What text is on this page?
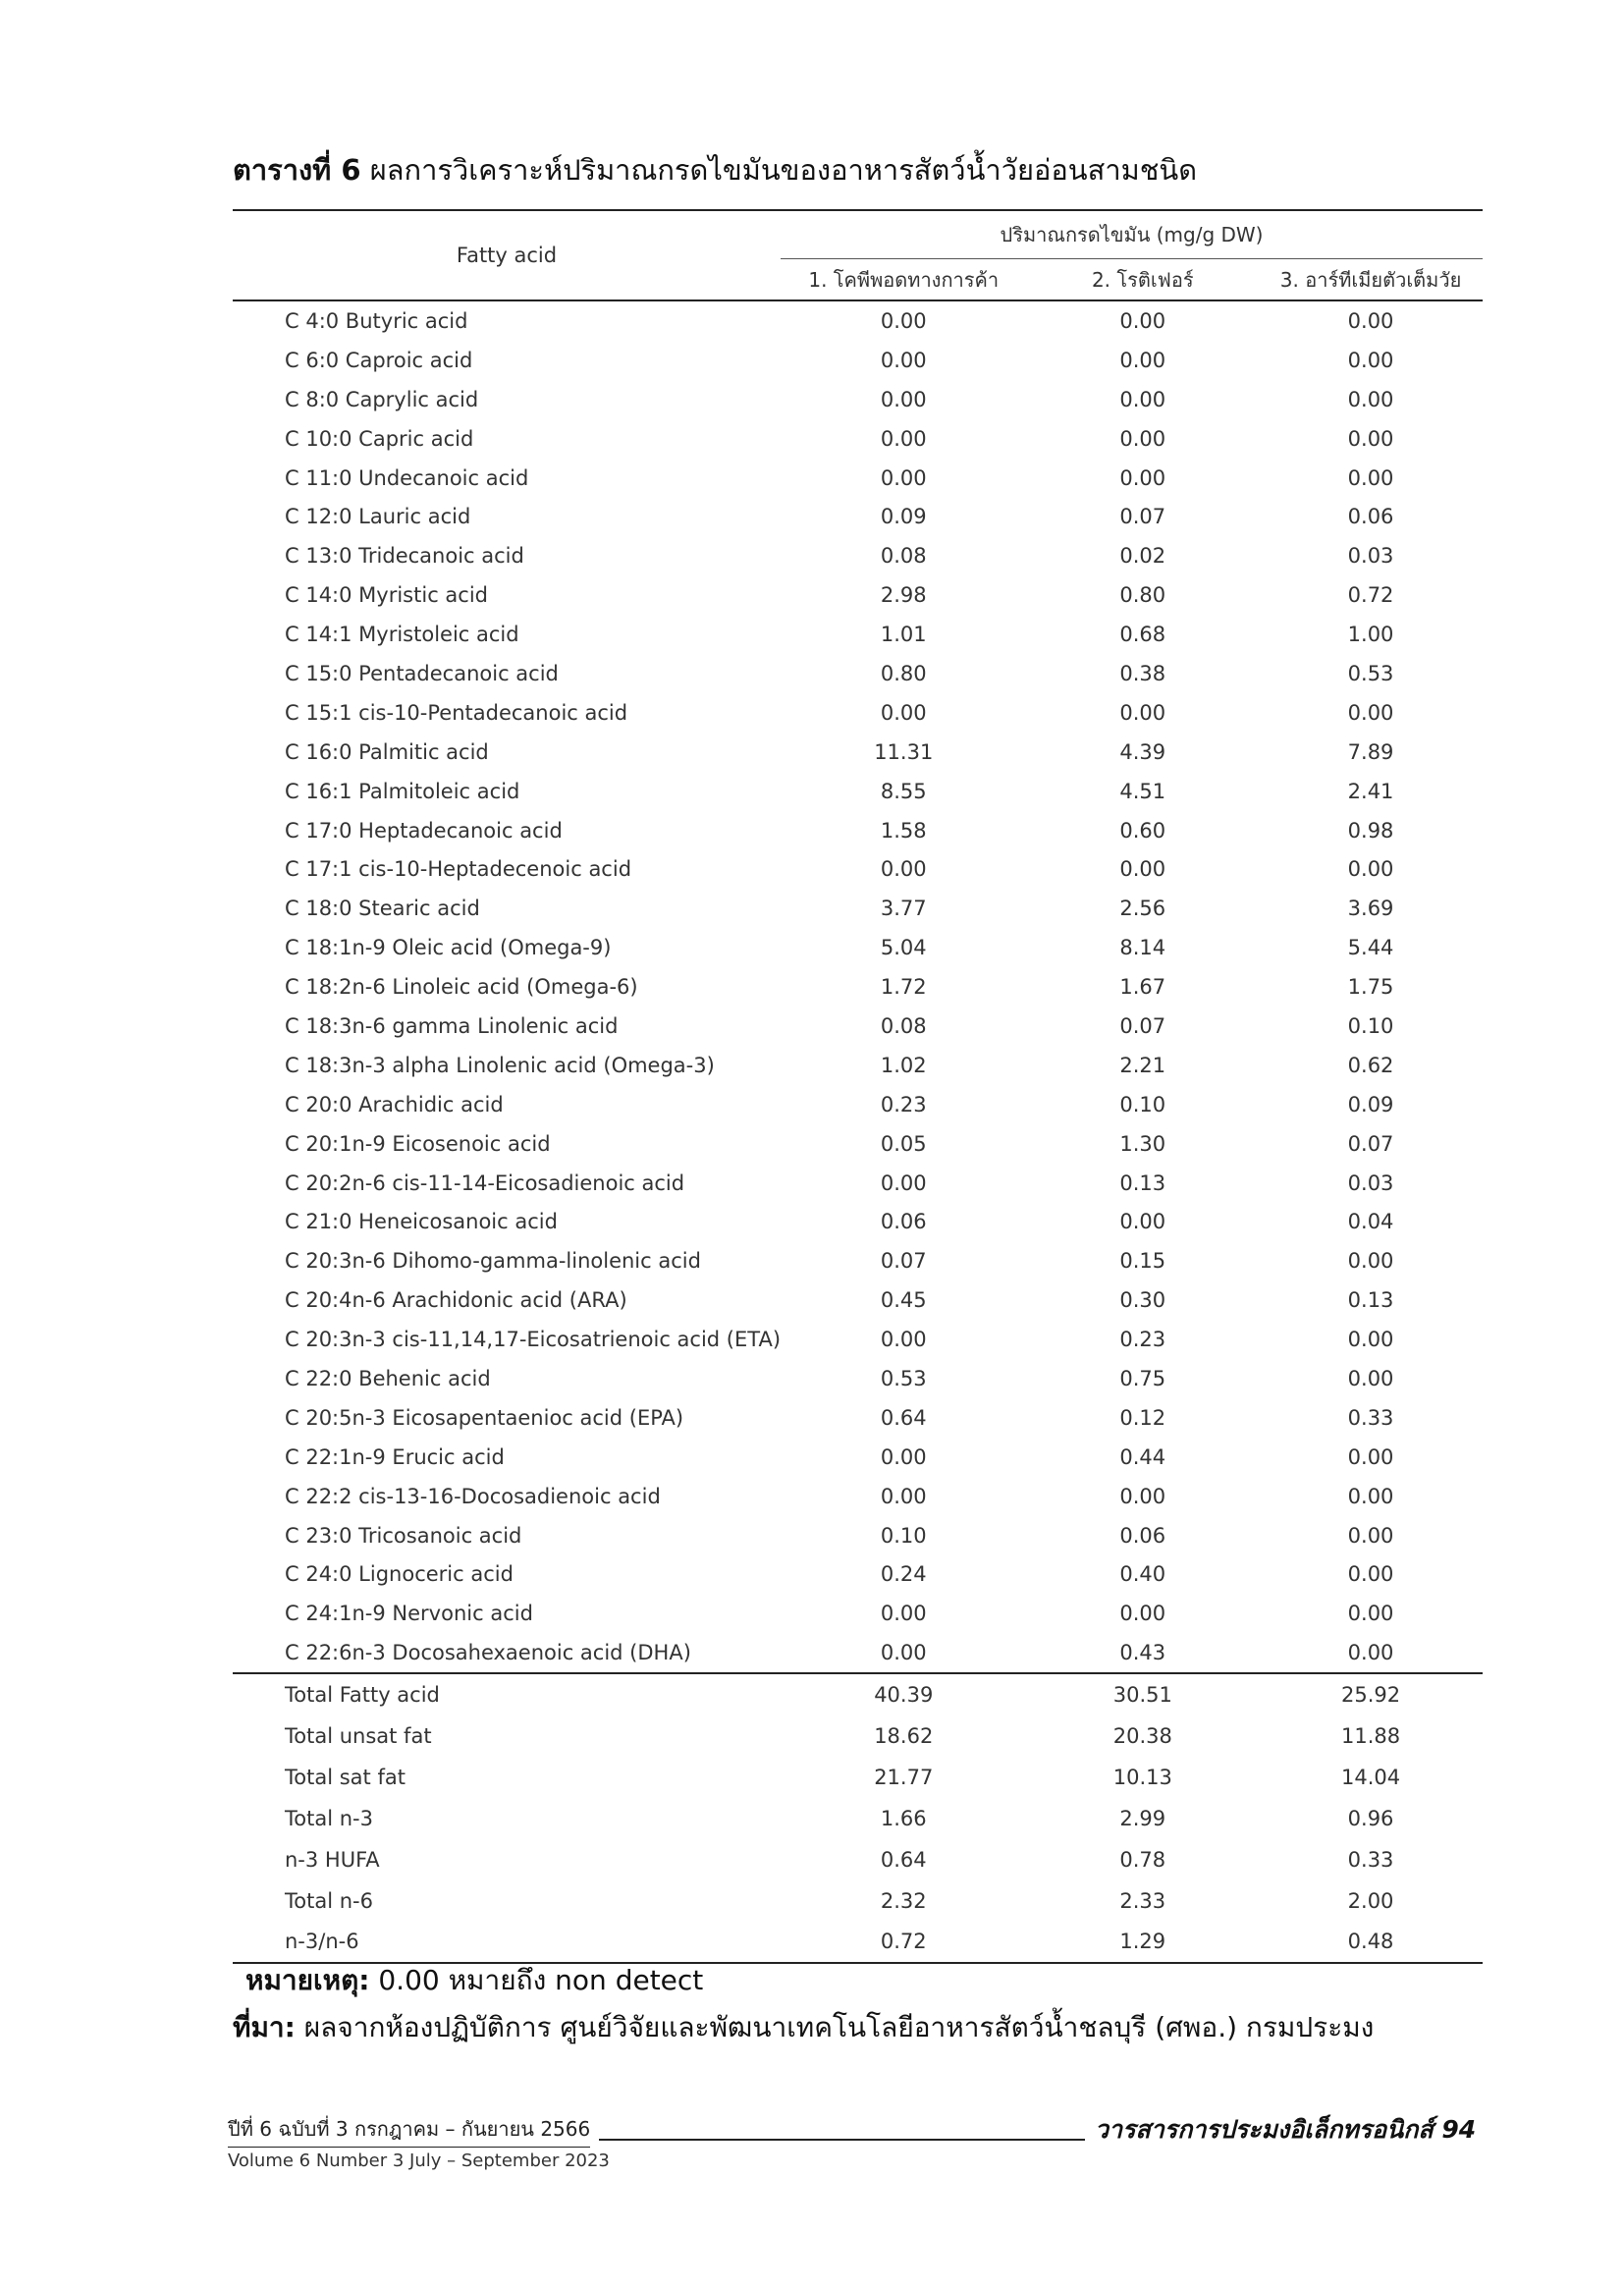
ตารางที่ 6 ผลการวิเคราะห์ปริมาณกรดไขมันของอาหารสัตว์น้ำวัยอ่อนสามชนิด
Fatty acid	ปริมาณกรดไขมัน (mg/g DW)		
	1. โคพีพอดทางการค้า	2. โรติเฟอร์	3. อาร์ทีเมียตัวเต็มวัย
C 4:0 Butyric acid	0.00	0.00	0.00
C 6:0 Caproic acid	0.00	0.00	0.00
C 8:0 Caprylic acid	0.00	0.00	0.00
C 10:0 Capric acid	0.00	0.00	0.00
C 11:0 Undecanoic acid	0.00	0.00	0.00
C 12:0 Lauric acid	0.09	0.07	0.06
C 13:0 Tridecanoic acid	0.08	0.02	0.03
C 14:0 Myristic acid	2.98	0.80	0.72
C 14:1 Myristoleic acid	1.01	0.68	1.00
C 15:0 Pentadecanoic acid	0.80	0.38	0.53
C 15:1 cis-10-Pentadecanoic acid	0.00	0.00	0.00
C 16:0 Palmitic acid	11.31	4.39	7.89
C 16:1 Palmitoleic acid	8.55	4.51	2.41
C 17:0 Heptadecanoic acid	1.58	0.60	0.98
C 17:1 cis-10-Heptadecenoic acid	0.00	0.00	0.00
C 18:0 Stearic acid	3.77	2.56	3.69
C 18:1n-9 Oleic acid (Omega-9)	5.04	8.14	5.44
C 18:2n-6 Linoleic acid (Omega-6)	1.72	1.67	1.75
C 18:3n-6 gamma Linolenic acid	0.08	0.07	0.10
C 18:3n-3 alpha Linolenic acid (Omega-3)	1.02	2.21	0.62
C 20:0 Arachidic acid	0.23	0.10	0.09
C 20:1n-9 Eicosenoic acid	0.05	1.30	0.07
C 20:2n-6 cis-11-14-Eicosadienoic acid	0.00	0.13	0.03
C 21:0 Heneicosanoic acid	0.06	0.00	0.04
C 20:3n-6 Dihomo-gamma-linolenic acid	0.07	0.15	0.00
C 20:4n-6 Arachidonic acid (ARA)	0.45	0.30	0.13
C 20:3n-3 cis-11,14,17-Eicosatrienoic acid (ETA)	0.00	0.23	0.00
C 22:0 Behenic acid	0.53	0.75	0.00
C 20:5n-3 Eicosapentaenioc acid (EPA)	0.64	0.12	0.33
C 22:1n-9 Erucic acid	0.00	0.44	0.00
C 22:2 cis-13-16-Docosadienoic acid	0.00	0.00	0.00
C 23:0 Tricosanoic acid	0.10	0.06	0.00
C 24:0 Lignoceric acid	0.24	0.40	0.00
C 24:1n-9 Nervonic acid	0.00	0.00	0.00
C 22:6n-3 Docosahexaenoic acid (DHA)	0.00	0.43	0.00
Total Fatty acid	40.39	30.51	25.92
Total unsat fat	18.62	20.38	11.88
Total sat fat	21.77	10.13	14.04
Total n-3	1.66	2.99	0.96
n-3 HUFA	0.64	0.78	0.33
Total n-6	2.32	2.33	2.00
n-3/n-6	0.72	1.29	0.48
หมายเหตุ: 0.00 หมายถึง non detect
ที่มา: ผลจากห้องปฏิบัติการ ศูนย์วิจัยและพัฒนาเทคโนโลยีอาหารสัตว์น้ำชลบุรี (ศพอ.) กรมประมง
ปีที่ 6 ฉบับที่ 3 กรกฎาคม – กันยายน 2566	วารสารการประมงอิเล็กทรอนิกส์ 94
Volume 6 Number 3 July – September 2023
